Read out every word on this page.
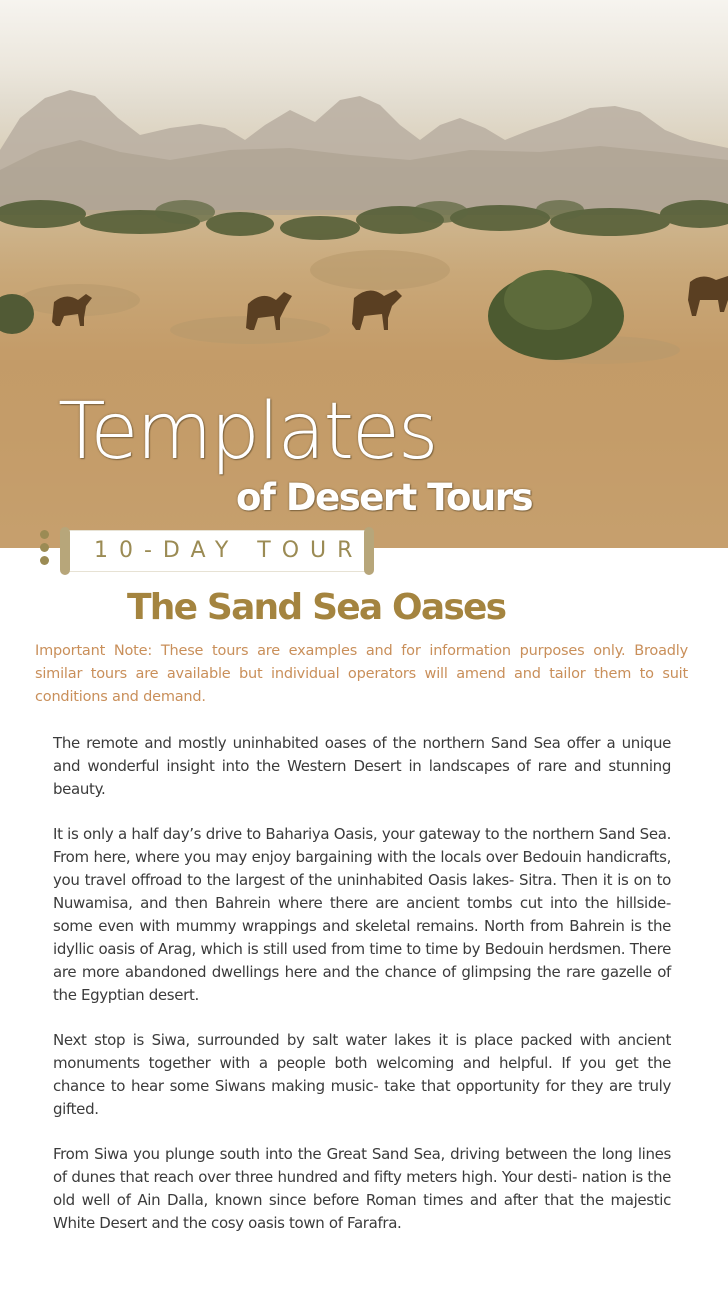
Templates
of Desert Tours

10-DAY TOUR

The Sand Sea Oases

Important Note: These tours are examples and for information purposes only. Broadly similar tours are available but individual operators will amend and tailor them to suit conditions and demand.

The remote and mostly uninhabited oases of the northern Sand Sea offer a unique and wonderful insight into the Western Desert in landscapes of rare and stunning beauty.

It is only a half day’s drive to Bahariya Oasis, your gateway to the northern Sand Sea. From here, where you may enjoy bargaining with the locals over Bedouin handicrafts, you travel offroad to the largest of the uninhabited Oasis lakes- Sitra. Then it is on to Nuwamisa, and then Bahrein where there are ancient tombs cut into the hillside- some even with mummy wrappings and skeletal remains. North from Bahrein is the idyllic oasis of Arag, which is still used from time to time by Bedouin herdsmen. There are more abandoned dwellings here and the chance of glimpsing the rare gazelle of the Egyptian desert.

Next stop is Siwa, surrounded by salt water lakes it is place packed with ancient monuments together with a people both welcoming and helpful. If you get the chance to hear some Siwans making music- take that opportunity for they are truly gifted.

From Siwa you plunge south into the Great Sand Sea, driving between the long lines of dunes that reach over three hundred and fifty meters high. Your desti- nation is the old well of Ain Dalla, known since before Roman times and after that the majestic White Desert and the cosy oasis town of Farafra.
